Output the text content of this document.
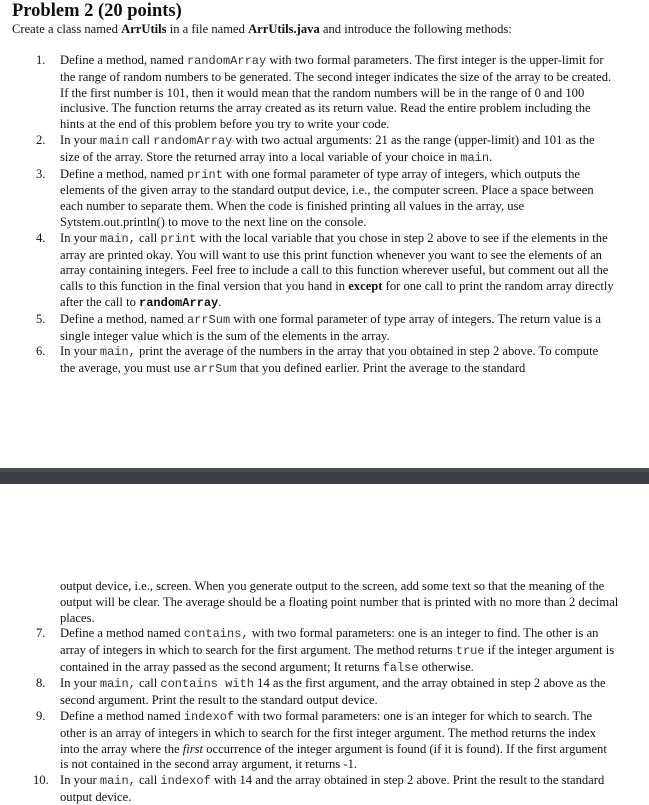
Problem 2 (20 points)
Create a class named ArrUtils in a file named ArrUtils.java and introduce the following methods:
1. Define a method, named randomArray with two formal parameters. The first integer is the upper-limit for the range of random numbers to be generated. The second integer indicates the size of the array to be created. If the first number is 101, then it would mean that the random numbers will be in the range of 0 and 100 inclusive. The function returns the array created as its return value. Read the entire problem including the hints at the end of this problem before you try to write your code.
2. In your main call randomArray with two actual arguments: 21 as the range (upper-limit) and 101 as the size of the array. Store the returned array into a local variable of your choice in main.
3. Define a method, named print with one formal parameter of type array of integers, which outputs the elements of the given array to the standard output device, i.e., the computer screen. Place a space between each number to separate them. When the code is finished printing all values in the array, use Sytstem.out.println() to move to the next line on the console.
4. In your main, call print with the local variable that you chose in step 2 above to see if the elements in the array are printed okay. You will want to use this print function whenever you want to see the elements of an array containing integers. Feel free to include a call to this function wherever useful, but comment out all the calls to this function in the final version that you hand in except for one call to print the random array directly after the call to randomArray.
5. Define a method, named arrSum with one formal parameter of type array of integers. The return value is a single integer value which is the sum of the elements in the array.
6. In your main, print the average of the numbers in the array that you obtained in step 2 above. To compute the average, you must use arrSum that you defined earlier. Print the average to the standard
output device, i.e., screen. When you generate output to the screen, add some text so that the meaning of the output will be clear. The average should be a floating point number that is printed with no more than 2 decimal places.
7. Define a method named contains, with two formal parameters: one is an integer to find. The other is an array of integers in which to search for the first argument. The method returns true if the integer argument is contained in the array passed as the second argument; It returns false otherwise.
8. In your main, call contains with 14 as the first argument, and the array obtained in step 2 above as the second argument. Print the result to the standard output device.
9. Define a method named indexof with two formal parameters: one is an integer for which to search. The other is an array of integers in which to search for the first integer argument. The method returns the index into the array where the first occurrence of the integer argument is found (if it is found). If the first argument is not contained in the second array argument, it returns -1.
10. In your main, call indexof with 14 and the array obtained in step 2 above. Print the result to the standard output device.
